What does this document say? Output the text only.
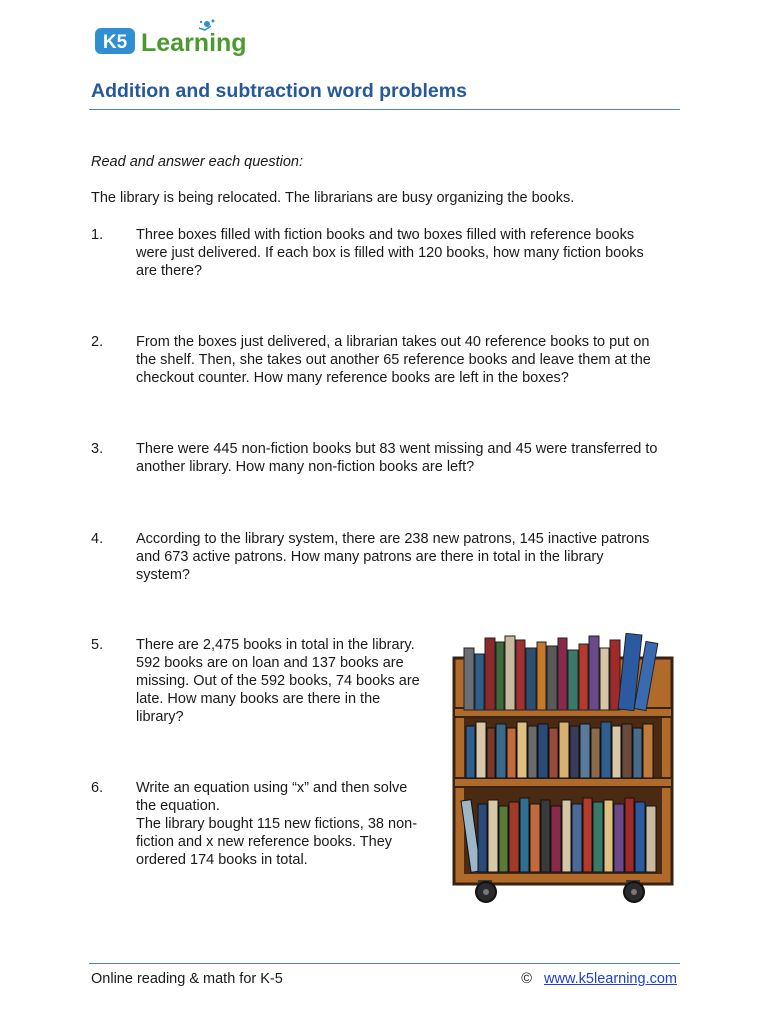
K5 Learning
Addition and subtraction word problems
Read and answer each question:
The library is being relocated. The librarians are busy organizing the books.
1. Three boxes filled with fiction books and two boxes filled with reference books
were just delivered. If each box is filled with 120 books, how many fiction books
are there?
2. From the boxes just delivered, a librarian takes out 40 reference books to put on
the shelf. Then, she takes out another 65 reference books and leave them at the
checkout counter. How many reference books are left in the boxes?
3. There were 445 non-fiction books but 83 went missing and 45 were transferred to
another library. How many non-fiction books are left?
4. According to the library system, there are 238 new patrons, 145 inactive patrons
and 673 active patrons. How many patrons are there in total in the library
system?
5. There are 2,475 books in total in the library.
592 books are on loan and 137 books are
missing. Out of the 592 books, 74 books are
late. How many books are there in the
library?
6. Write an equation using “x” and then solve
the equation.
The library bought 115 new fictions, 38 non-
fiction and x new reference books. They
ordered 174 books in total.
Online reading & math for K-5	© www.k5learning.com
